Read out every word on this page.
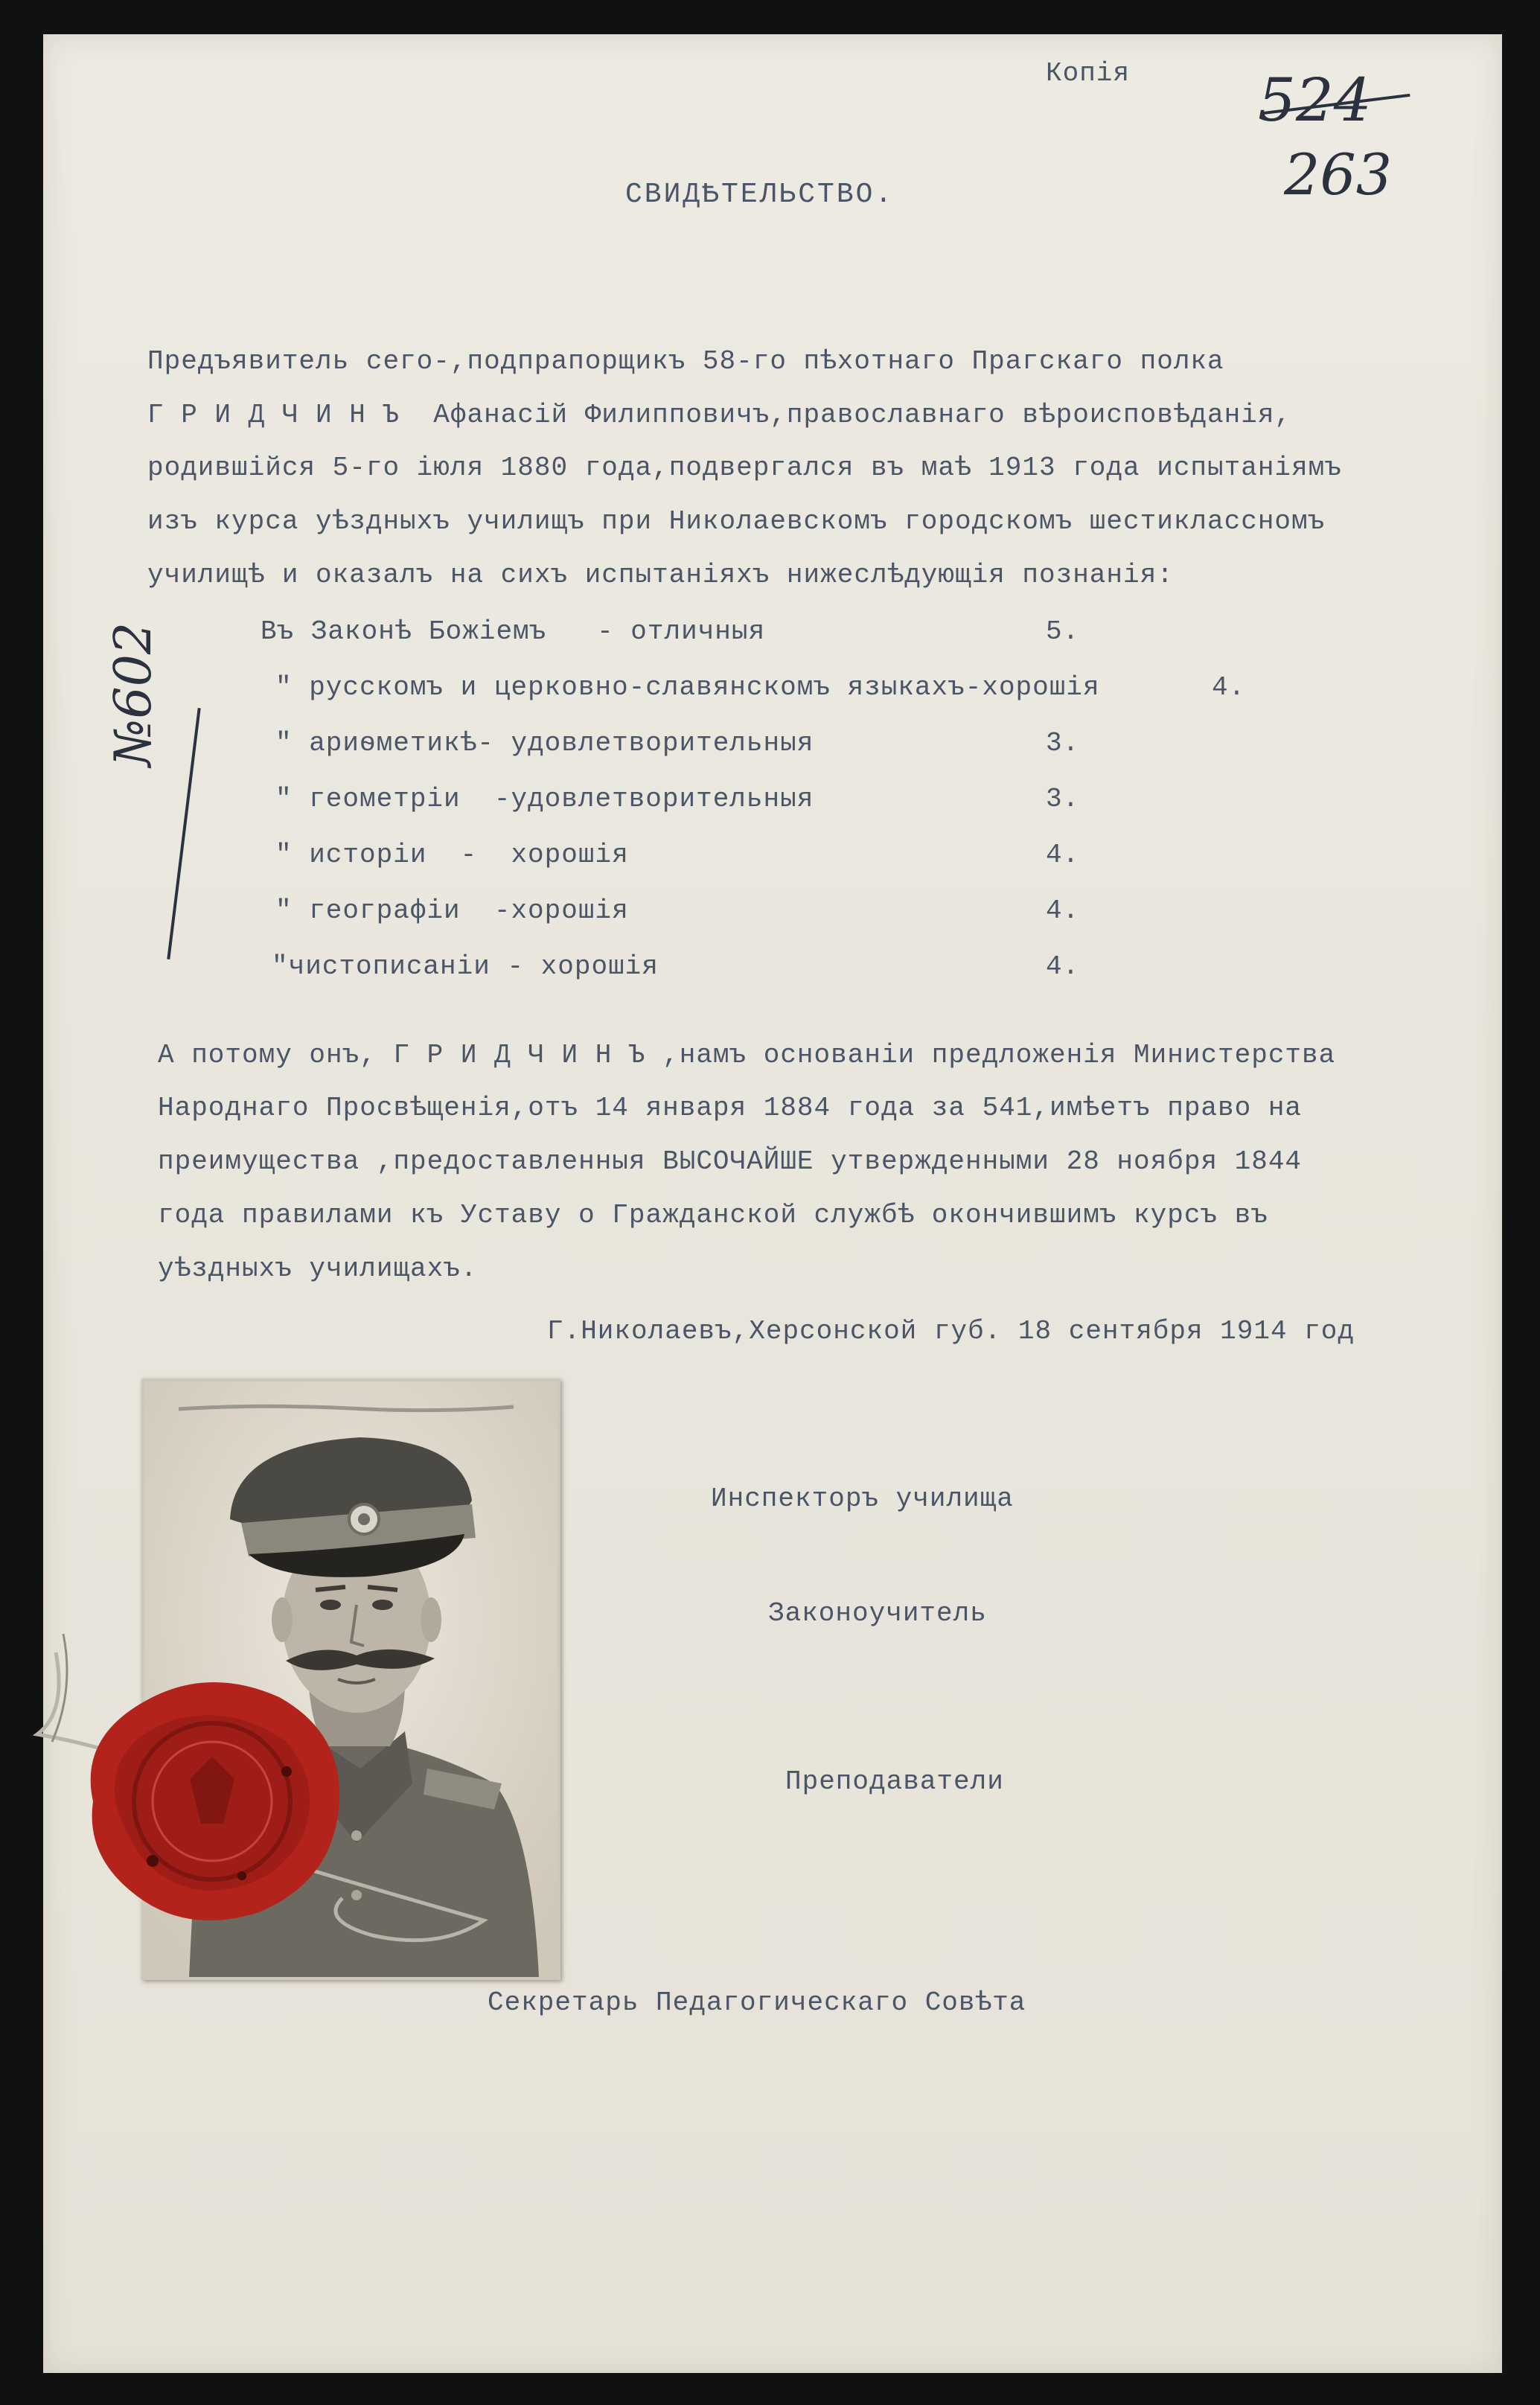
Копія 524
263
СВИДѢТЕЛЬСТВО.
Предъявитель сего-,подпрапорщикъ 58-го пѣхотнаго Прагскаго полка
Г Р И Д Ч И Н Ъ  Афанасій Филипповичъ,православнаго вѣроисповѣданія,
родившійся 5-го іюля 1880 года,подвергался въ маѣ 1913 года испытаніямъ
изъ курса уѣздныхъ училищъ при Николаевскомъ городскомъ шестиклассномъ
училищѣ и оказалъ на сихъ испытаніяхъ нижеслѣдующія познанія:
Въ Законѣ Божіемъ   - отличныя	5.
" русскомъ и церковно-славянскомъ языкахъ-хорошія	4.
" ариѳметикѣ- удовлетворительныя	3.
" геометріи  -удовлетворительныя	3.
" исторіи  -  хорошія	4.
" географіи  -хорошія	4.
"чистописаніи - хорошія	4.
№602
А потому онъ, Г Р И Д Ч И Н Ъ ,намъ основаніи предложенія Министерства
Народнаго Просвѣщенія,отъ 14 января 1884 года за 541,имѣетъ право на
преимущества ,предоставленныя ВЫСОЧАЙШЕ утвержденными 28 ноября 1844
года правилами къ Уставу о Гражданской службѣ окончившимъ курсъ въ
уѣздныхъ училищахъ.
Г.Николаевъ,Херсонской губ. 18 сентября 1914 год
Инспекторъ училища
Законоучитель
Преподаватели
Секретарь Педагогическаго Совѣта
